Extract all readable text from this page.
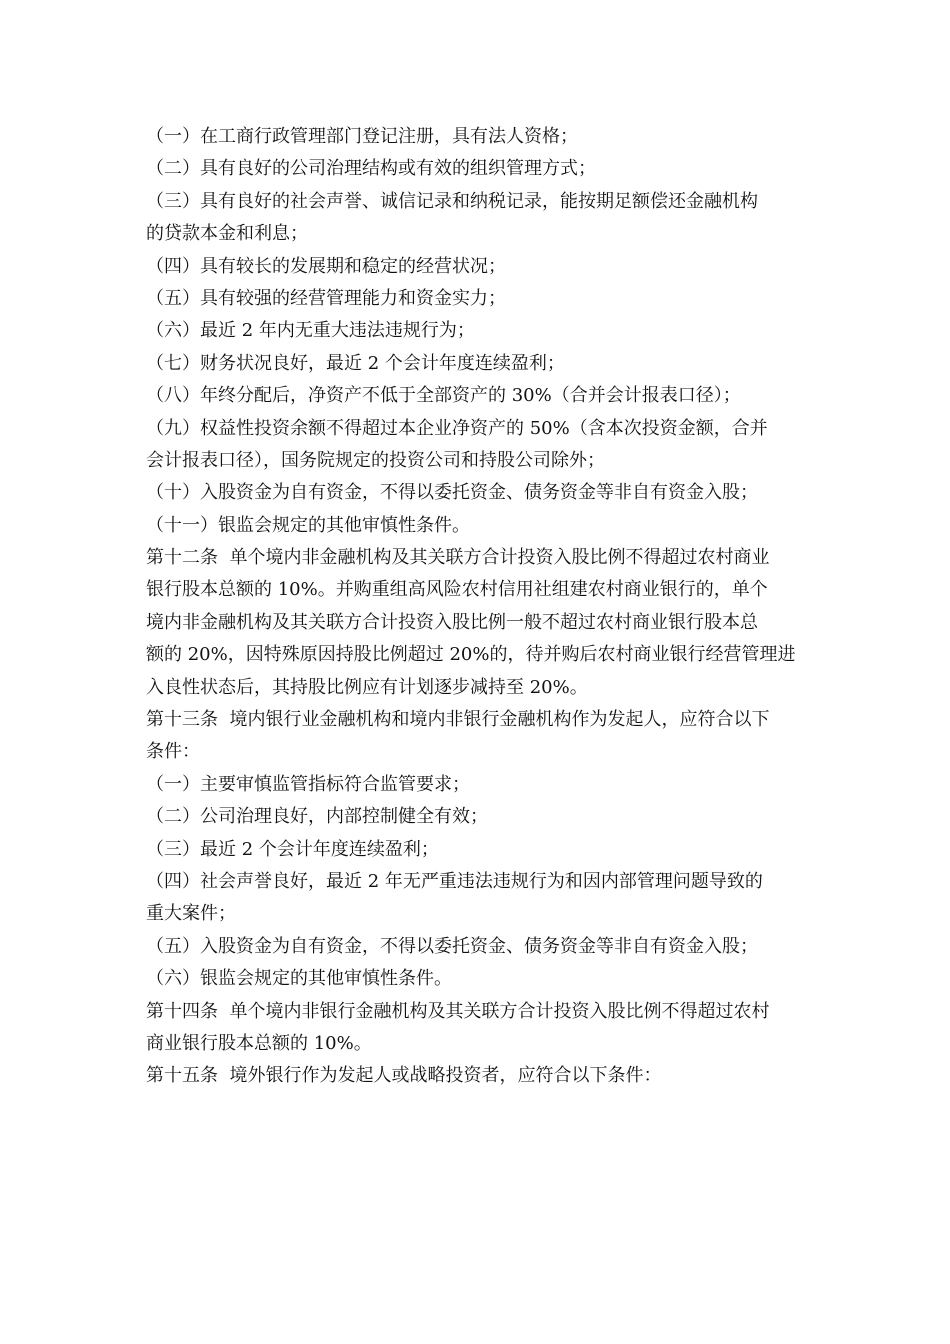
（一）在工商行政管理部门登记注册，具有法人资格；
（二）具有良好的公司治理结构或有效的组织管理方式；
（三）具有良好的社会声誉、诚信记录和纳税记录，能按期足额偿还金融机构
的贷款本金和利息；
（四）具有较长的发展期和稳定的经营状况；
（五）具有较强的经营管理能力和资金实力；
（六）最近 2 年内无重大违法违规行为；
（七）财务状况良好，最近 2 个会计年度连续盈利；
（八）年终分配后，净资产不低于全部资产的 30%（合并会计报表口径）；
（九）权益性投资余额不得超过本企业净资产的 50%（含本次投资金额，合并
会计报表口径），国务院规定的投资公司和持股公司除外；
（十）入股资金为自有资金，不得以委托资金、债务资金等非自有资金入股；
（十一）银监会规定的其他审慎性条件。
第十二条  单个境内非金融机构及其关联方合计投资入股比例不得超过农村商业
银行股本总额的 10%。并购重组高风险农村信用社组建农村商业银行的，单个
境内非金融机构及其关联方合计投资入股比例一般不超过农村商业银行股本总
额的 20%，因特殊原因持股比例超过 20%的，待并购后农村商业银行经营管理进
入良性状态后，其持股比例应有计划逐步减持至 20%。
第十三条  境内银行业金融机构和境内非银行金融机构作为发起人，应符合以下
条件：
（一）主要审慎监管指标符合监管要求；
（二）公司治理良好，内部控制健全有效；
（三）最近 2 个会计年度连续盈利；
（四）社会声誉良好，最近 2 年无严重违法违规行为和因内部管理问题导致的
重大案件；
（五）入股资金为自有资金，不得以委托资金、债务资金等非自有资金入股；
（六）银监会规定的其他审慎性条件。
第十四条  单个境内非银行金融机构及其关联方合计投资入股比例不得超过农村
商业银行股本总额的 10%。
第十五条  境外银行作为发起人或战略投资者，应符合以下条件：
